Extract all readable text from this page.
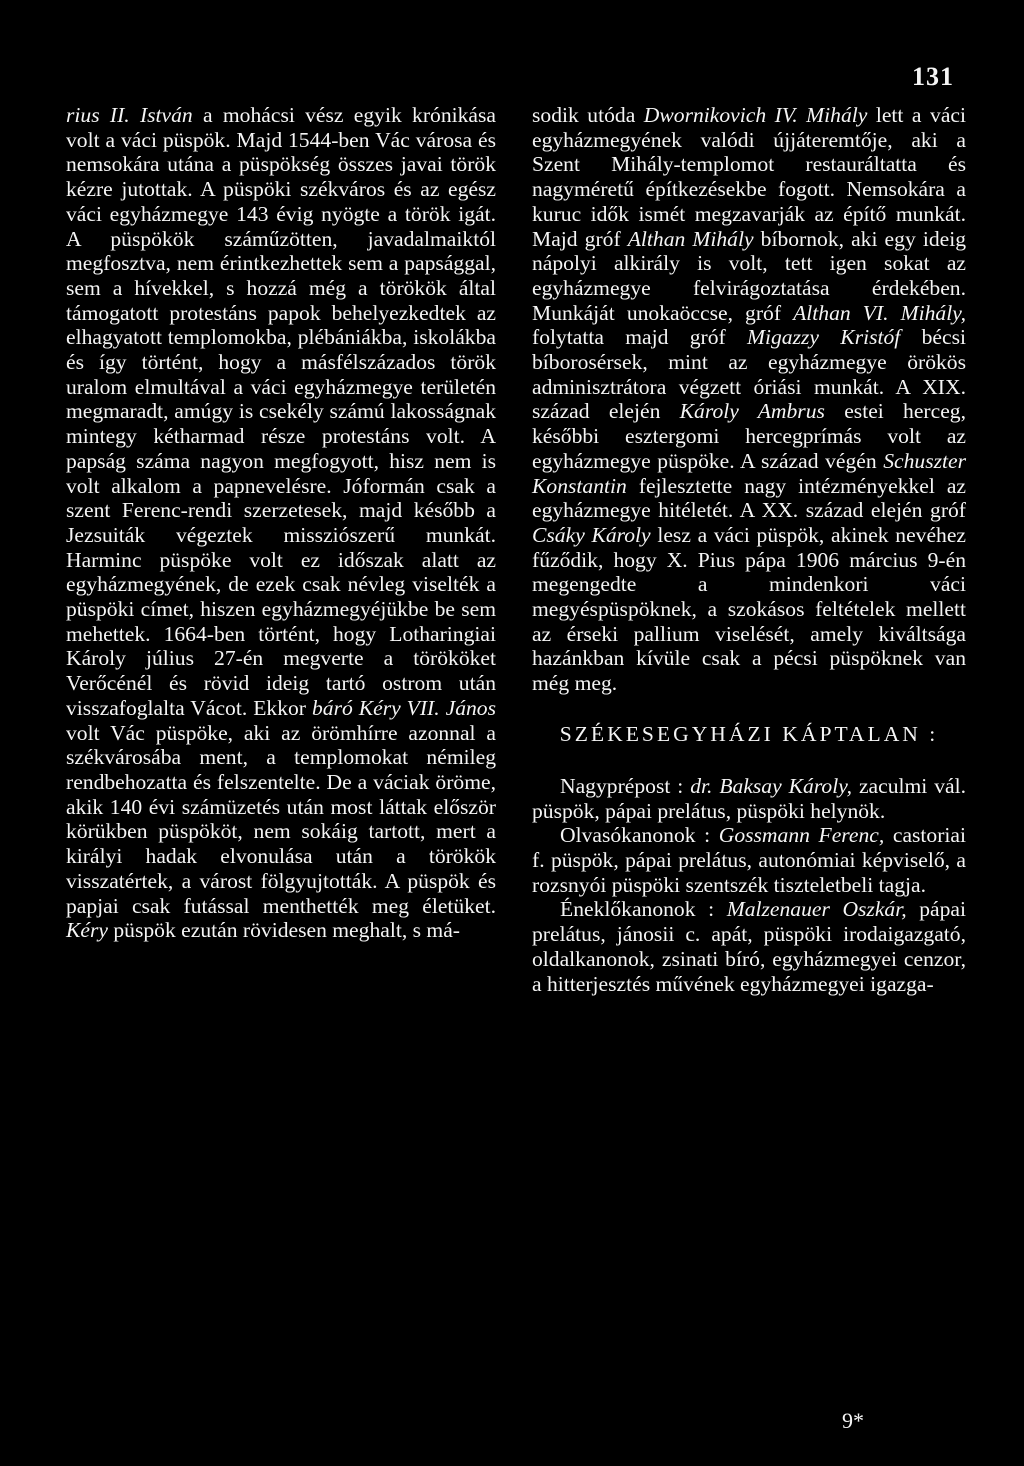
131

rius II. István a mohácsi vész egyik krónikása volt a váci püspök. Majd 1544-ben Vác városa és nemsokára utána a püspökség összes javai török kézre jutottak. A püspöki székváros és az egész váci egyházmegye 143 évig nyögte a török igát. A püspökök száműzötten, javadalmaiktól megfosztva, nem érintkezhettek sem a papsággal, sem a hívekkel, s hozzá még a törökök által támogatott protestáns papok behelyezkedtek az elhagyatott templomokba, plébániákba, iskolákba és így történt, hogy a másfélszázados török uralom elmultával a váci egyházmegye területén megmaradt, amúgy is csekély számú lakosságnak mintegy kétharmad része protestáns volt. A papság száma nagyon megfogyott, hisz nem is volt alkalom a papnevelésre. Jóformán csak a szent Ferenc-rendi szerzetesek, majd később a Jezsuiták végeztek missziószerű munkát. Harminc püspöke volt ez időszak alatt az egyházmegyének, de ezek csak névleg viselték a püspöki címet, hiszen egyházmegyéjükbe be sem mehettek. 1664-ben történt, hogy Lotharingiai Károly július 27-én megverte a törököket Verőcénél és rövid ideig tartó ostrom után visszafoglalta Vácot. Ekkor báró Kéry VII. János volt Vác püspöke, aki az örömhírre azonnal a székvárosába ment, a templomokat némileg rendbehozatta és felszentelte. De a váciak öröme, akik 140 évi számüzetés után most láttak először körükben püspököt, nem sokáig tartott, mert a királyi hadak elvonulása után a törökök visszatértek, a várost fölgyujtották. A püspök és papjai csak futással menthették meg életüket. Kéry püspök ezután rövidesen meghalt, s má-

sodik utóda Dwornikovich IV. Mihály lett a váci egyházmegyének valódi újjáteremtője, aki a Szent Mihály-templomot restauráltatta és nagyméretű építkezésekbe fogott. Nemsokára a kuruc idők ismét megzavarják az építő munkát. Majd gróf Althan Mihály bíbornok, aki egy ideig nápolyi alkirály is volt, tett igen sokat az egyházmegye felvirágoztatása érdekében. Munkáját unokaöccse, gróf Althan VI. Mihály, folytatta majd gróf Migazzy Kristóf bécsi bíborosérsek, mint az egyházmegye örökös adminisztrátora végzett óriási munkát. A XIX. század elején Károly Ambrus estei herceg, későbbi esztergomi hercegprímás volt az egyházmegye püspöke. A század végén Schuszter Konstantin fejlesztette nagy intézményekkel az egyházmegye hitéletét. A XX. század elején gróf Csáky Károly lesz a váci püspök, akinek nevéhez fűződik, hogy X. Pius pápa 1906 március 9-én megengedte a mindenkori váci megyéspüspöknek, a szokásos feltételek mellett az érseki pallium viselését, amely kiváltsága hazánkban kívüle csak a pécsi püspöknek van még meg.

SZÉKESEGYHÁZI KÁPTALAN :

Nagyprépost : dr. Baksay Károly, zaculmi vál. püspök, pápai prelátus, püspöki helynök.

Olvasókanonok : Gossmann Ferenc, castoriai f. püspök, pápai prelátus, autonómiai képviselő, a rozsnyói püspöki szentszék tiszteletbeli tagja.

Éneklőkanonok : Malzenauer Oszkár, pápai prelátus, jánosii c. apát, püspöki irodaigazgató, oldalkanonok, zsinati bíró, egyházmegyei cenzor, a hitterjesztés művének egyházmegyei igazga-

9*
